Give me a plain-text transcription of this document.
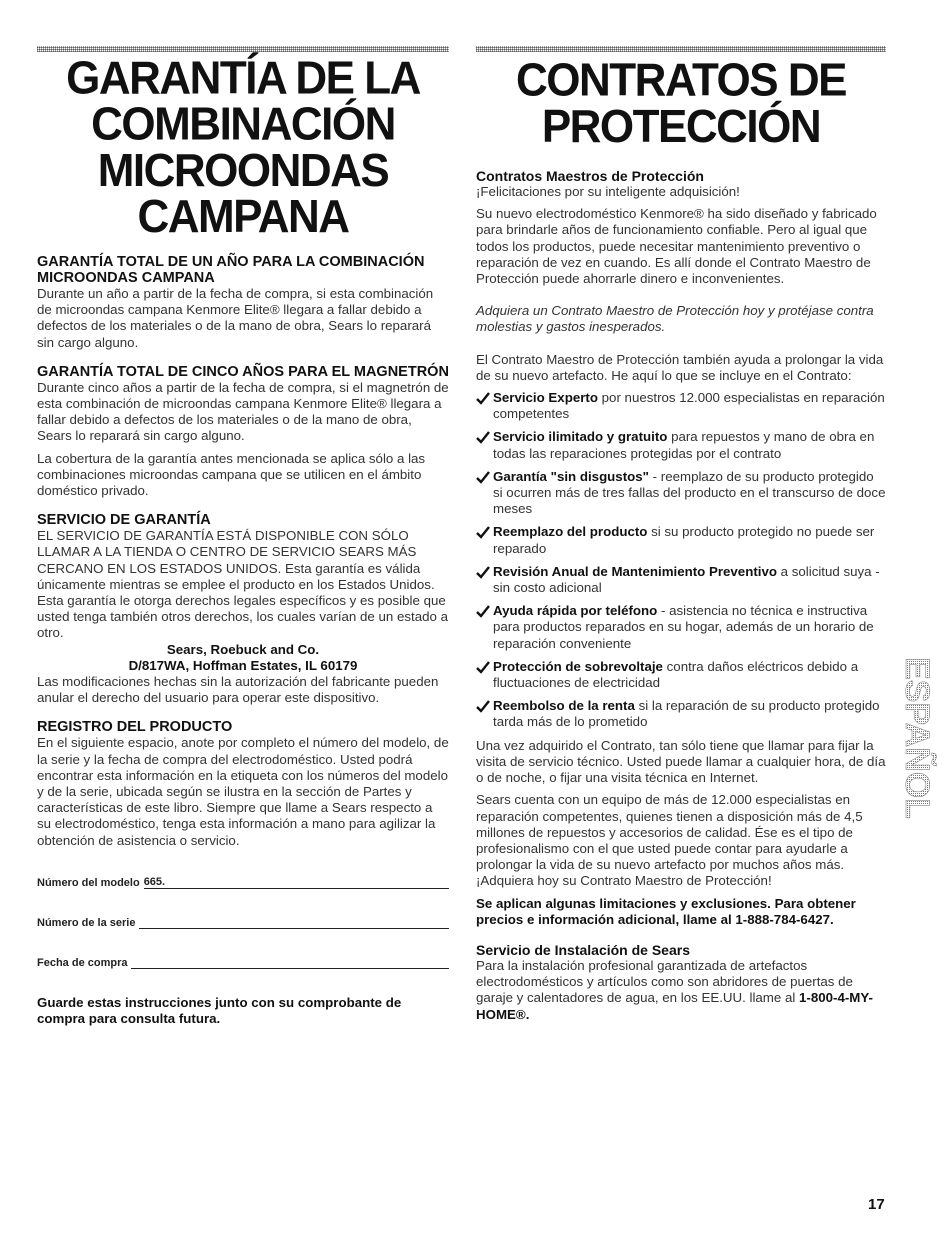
GARANTÍA DE LA
COMBINACIÓN
MICROONDAS
CAMPANA
GARANTÍA TOTAL DE UN AÑO PARA LA COMBINACIÓN MICROONDAS CAMPANA

Durante un año a partir de la fecha de compra, si esta combinación de microondas campana Kenmore Elite® llegara a fallar debido a defectos de los materiales o de la mano de obra, Sears lo reparará sin cargo alguno.

GARANTÍA TOTAL DE CINCO AÑOS PARA EL MAGNETRÓN

Durante cinco años a partir de la fecha de compra, si el magnetrón de esta combinación de microondas campana Kenmore Elite® llegara a fallar debido a defectos de los materiales o de la mano de obra, Sears lo reparará sin cargo alguno.

La cobertura de la garantía antes mencionada se aplica sólo a las combinaciones microondas campana que se utilicen en el ámbito doméstico privado.

SERVICIO DE GARANTÍA

EL SERVICIO DE GARANTÍA ESTÁ DISPONIBLE CON SÓLO LLAMAR A LA TIENDA O CENTRO DE SERVICIO SEARS MÁS CERCANO EN LOS ESTADOS UNIDOS. Esta garantía es válida únicamente mientras se emplee el producto en los Estados Unidos. Esta garantía le otorga derechos legales específicos y es posible que usted tenga también otros derechos, los cuales varían de un estado a otro.

Sears, Roebuck and Co.
D/817WA, Hoffman Estates, IL 60179

Las modificaciones hechas sin la autorización del fabricante pueden anular el derecho del usuario para operar este dispositivo.

REGISTRO DEL PRODUCTO

En el siguiente espacio, anote por completo el número del modelo, de la serie y la fecha de compra del electrodoméstico. Usted podrá encontrar esta información en la etiqueta con los números del modelo y de la serie, ubicada según se ilustra en la sección de Partes y características de este libro. Siempre que llame a Sears respecto a su electrodoméstico, tenga esta información a mano para agilizar la obtención de asistencia o servicio.

Número del modelo 665.
Número de la serie
Fecha de compra

Guarde estas instrucciones junto con su comprobante de compra para consulta futura.

CONTRATOS DE
PROTECCIÓN
Contratos Maestros de Protección

¡Felicitaciones por su inteligente adquisición!

Su nuevo electrodoméstico Kenmore® ha sido diseñado y fabricado para brindarle años de funcionamiento confiable. Pero al igual que todos los productos, puede necesitar mantenimiento preventivo o reparación de vez en cuando. Es allí donde el Contrato Maestro de Protección puede ahorrarle dinero e inconvenientes.

Adquiera un Contrato Maestro de Protección hoy y protéjase contra molestias y gastos inesperados.

El Contrato Maestro de Protección también ayuda a prolongar la vida de su nuevo artefacto. He aquí lo que se incluye en el Contrato:

Servicio Experto por nuestros 12.000 especialistas en reparación competentes
Servicio ilimitado y gratuito para repuestos y mano de obra en todas las reparaciones protegidas por el contrato
Garantía "sin disgustos" - reemplazo de su producto protegido si ocurren más de tres fallas del producto en el transcurso de doce meses
Reemplazo del producto si su producto protegido no puede ser reparado
Revisión Anual de Mantenimiento Preventivo a solicitud suya - sin costo adicional
Ayuda rápida por teléfono - asistencia no técnica e instructiva para productos reparados en su hogar, además de un horario de reparación conveniente
Protección de sobrevoltaje contra daños eléctricos debido a fluctuaciones de electricidad
Reembolso de la renta si la reparación de su producto protegido tarda más de lo prometido

Una vez adquirido el Contrato, tan sólo tiene que llamar para fijar la visita de servicio técnico. Usted puede llamar a cualquier hora, de día o de noche, o fijar una visita técnica en Internet.

Sears cuenta con un equipo de más de 12.000 especialistas en reparación competentes, quienes tienen a disposición más de 4,5 millones de repuestos y accesorios de calidad. Ése es el tipo de profesionalismo con el que usted puede contar para ayudarle a prolongar la vida de su nuevo artefacto por muchos años más. ¡Adquiera hoy su Contrato Maestro de Protección!

Se aplican algunas limitaciones y exclusiones. Para obtener precios e información adicional, llame al 1-888-784-6427.

Servicio de Instalación de Sears

Para la instalación profesional garantizada de artefactos electrodomésticos y artículos como son abridores de puertas de garaje y calentadores de agua, en los EE.UU. llame al 1-800-4-MY-HOME®.

ESPAÑOL
17
